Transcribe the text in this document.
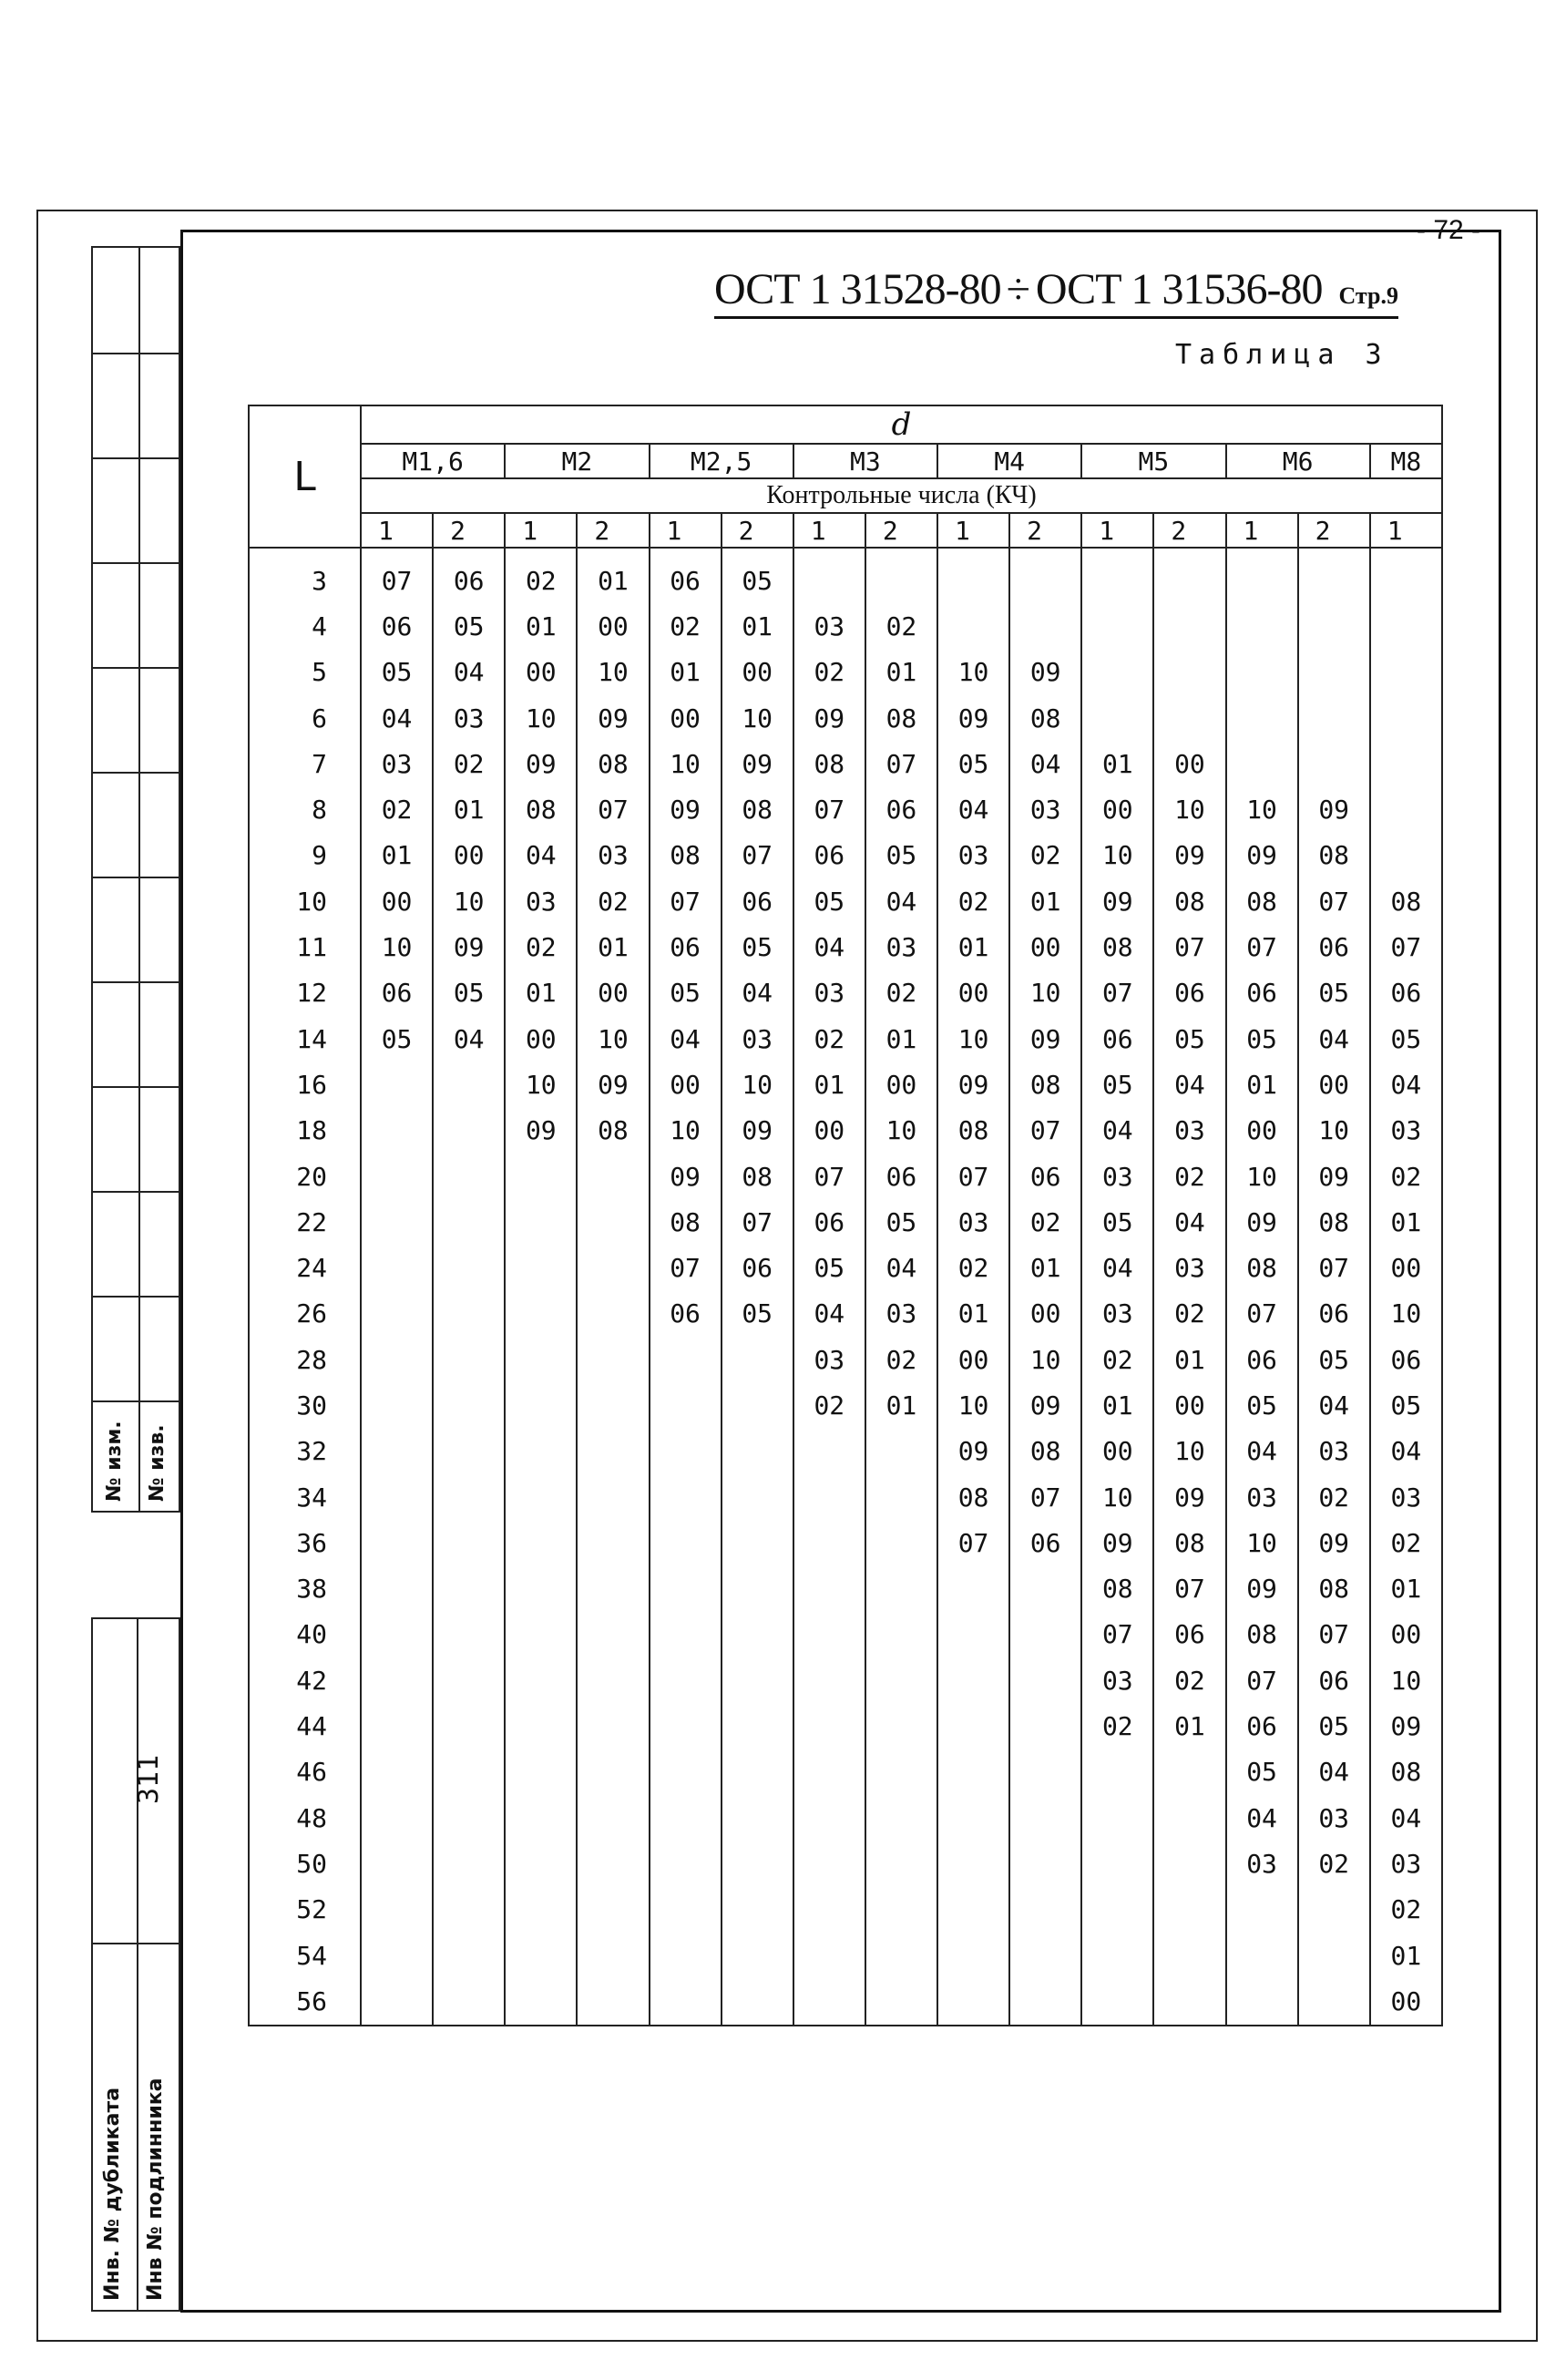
№ изм. № изв.
311
Инв. № дубликата Инв № подлинника
- 72 -
ОСТ 1 31528-80 ÷ ОСТ 1 31536-80 Стр.9
Таблица 3
L	d														
	М1,6		М2		М2,5		М3		М4		М5		М6		М8
	Контрольные числа (КЧ)														
	1	2	1	2	1	2	1	2	1	2	1	2	1	2	1
3	07	06	02	01	06	05									
4	06	05	01	00	02	01	03	02							
5	05	04	00	10	01	00	02	01	10	09					
6	04	03	10	09	00	10	09	08	09	08					
7	03	02	09	08	10	09	08	07	05	04	01	00			
8	02	01	08	07	09	08	07	06	04	03	00	10	10	09	
9	01	00	04	03	08	07	06	05	03	02	10	09	09	08	
10	00	10	03	02	07	06	05	04	02	01	09	08	08	07	08
11	10	09	02	01	06	05	04	03	01	00	08	07	07	06	07
12	06	05	01	00	05	04	03	02	00	10	07	06	06	05	06
14	05	04	00	10	04	03	02	01	10	09	06	05	05	04	05
16			10	09	00	10	01	00	09	08	05	04	01	00	04
18			09	08	10	09	00	10	08	07	04	03	00	10	03
20					09	08	07	06	07	06	03	02	10	09	02
22					08	07	06	05	03	02	05	04	09	08	01
24					07	06	05	04	02	01	04	03	08	07	00
26					06	05	04	03	01	00	03	02	07	06	10
28							03	02	00	10	02	01	06	05	06
30							02	01	10	09	01	00	05	04	05
32									09	08	00	10	04	03	04
34									08	07	10	09	03	02	03
36									07	06	09	08	10	09	02
38											08	07	09	08	01
40											07	06	08	07	00
42											03	02	07	06	10
44											02	01	06	05	09
46													05	04	08
48													04	03	04
50													03	02	03
52															02
54															01
56															00
